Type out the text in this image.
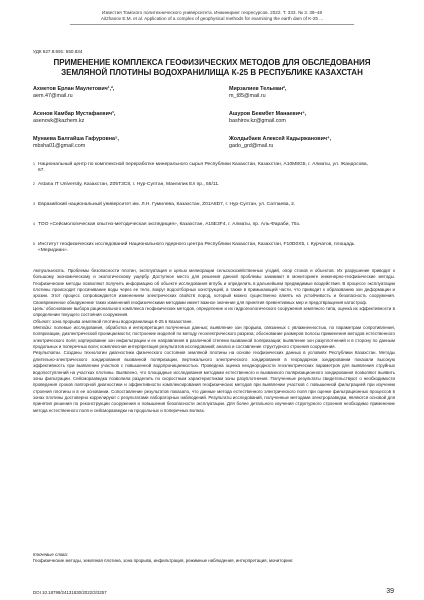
Известия Томского политехнического университета. Инжиниринг георесурсов. 2022. Т. 333. № 3. 39–48
Aitzhanov E.M. et al. Application of a complex of geophysical methods for examining the earth dam of K-25 ...
УДК 627.8:691: 550.834
ПРИМЕНЕНИЕ КОМПЛЕКСА ГЕОФИЗИЧЕСКИХ МЕТОДОВ ДЛЯ ОБСЛЕДОВАНИЯ ЗЕМЛЯНОЙ ПЛОТИНЫ ВОДОХРАНИЛИЩА К-25 В РЕСПУБЛИКЕ КАЗАХСТАН
Ахметов Ерлан Маулетович¹,²,
aem.47@mail.ru
Мирзалиев Тельман²,
m_t85@mail.ru
Асенов Камбар Мустафаевич³,
asenovk@kazhem.kz
Ашуров Бекмбет Манаевич⁴,
bashirov.kz@gmail.com
Мунаева Балгайша Гафуровна⁵,
mbsha01@gmail.com
Жолдыбаев Алексей Кадыржанович⁴,
gado_grd@mail.ru
1 Национальный центр по комплексной переработке минерального сырья Республики Казахстан, Казахстан, А10М8G5, г. Алматы, ул. Жандосова, 67.
2 Astana IT University, Казахстан, Z05T3C8, г. Нур-Султан, Мангилик Ел пр., 55/11.
3 Евразийский национальный университет им. Л.Н. Гумилева, Казахстан, Z01A8D7, г. Нур-Султан, ул. Сатпаева, 2.
4 ТОО «Сейсмологическая опытно-методическая экспедиция», Казахстан, А15E3F4, г. Алматы, пр. Аль-Фараби, 75з.
5 Институт геофизических исследований Национального ядерного центра Республики Казахстан, Казахстан, F10D0X5, г. Курчатов, площадь «Меридиан».

Актуальность. Проблемы безопасности плотин, эксплуатация и целью мелиорации сельскохозяйственных угодий, опор стоков и объектов. Их разрушение приводит к большому экономическому и экологическому ущербу. Доступное место для решения данной проблемы занимают в мониторинге инженерно-геофизические методы. Геофизические методы позволяют получить информацию об объекте исследования вглубь и определить в дальнейшем предвидимые воздействия. В процессе эксплуатации плотины происходит просачивание воды через ее тело, вокруг водоотборных конструкций, а также в примыкающей части, что приводит к образованию зон деформации и эрозии. Этот процесс сопровождается изменением электрических свойств пород, который можно существенно влиять на устойчивость и безопасность сооружения. Своевременное обнаружение таких изменений геофизическими методами имеет важное значение для принятия превентивных мер и предотвращения катастроф.

Цель: обоснование выбора рационального комплекса геофизических методов, определение и их гидрогеологического сооружения земляного типа, оценка их эффективности в определении текущего состояния сооружения.

Объект: зона прорыва земляной плотины водохранилища К-25 в Казахстане.

Методы: полевые исследования, обработка и интерпретация полученных данных; выявление зон прорыва, связанных с увлажненностью, по параметрам сопротивления, поляризации, диэлектрической проницаемости; построение моделей по методу геоэлектрического разреза; обоснование размеров полосы применения методов естественного электрического поля; картирование зон инфильтрации и ее направления в различной степени вызванной поляризации; выявление зон разуплотнений и в сторону по данным продольных и поперечных волн; комплексная интерпретация результатов исследований; анализ и составление структурного строения сооружения.

Результаты. Созданы технологии диагностики физического состояния земляной плотины на основе геофизических данных в условиях Республики Казахстан. Методы длительно-электрического зондирования вызванной поляризации, вертикального электрического зондирования в георадарном зондировании показали высокую эффективность при выявлении участков с повышенной водопроницаемостью. Проведена оценка неоднородности геоэлектрических параметров для выявления струйных водопоступлений на участках плотины. Выявлено, что площадные исследования методами естественного и вызванного поляризационного зондирования позволяют выявить зоны фильтрации. Сейсморазведка позволила разделить по скоростным характеристикам зоны разуплотнения. Полученные результаты свидетельствуют о необходимости проведения сроков повторной диагностики и эффективности комплексирования геофизических методов при выявлении участков с повышенной фильтрацией при изучении строения плотины и в ее основании. Сопоставление результатов показало, что данные метода естественного электрического поля при оценке фильтрационных процессов в зонах плотины достоверно коррелируют с результатами лабораторных наблюдений. Результаты исследований, полученные методами электроразведки, являются основой для принятия решения по реконструкции сооружения и повышения безопасности эксплуатации. Для более детального изучения структурного строения необходимо применение метода естественного поля и сейсморазведки на продольных и поперечных волнах.

Ключевые слова:
Геофизические методы, земляная плотина, зона прорыва, инфильтрация, режимные наблюдения, интерпретация, мониторинг.
DOI 10.18799/24131830/2022/3/3257	39
